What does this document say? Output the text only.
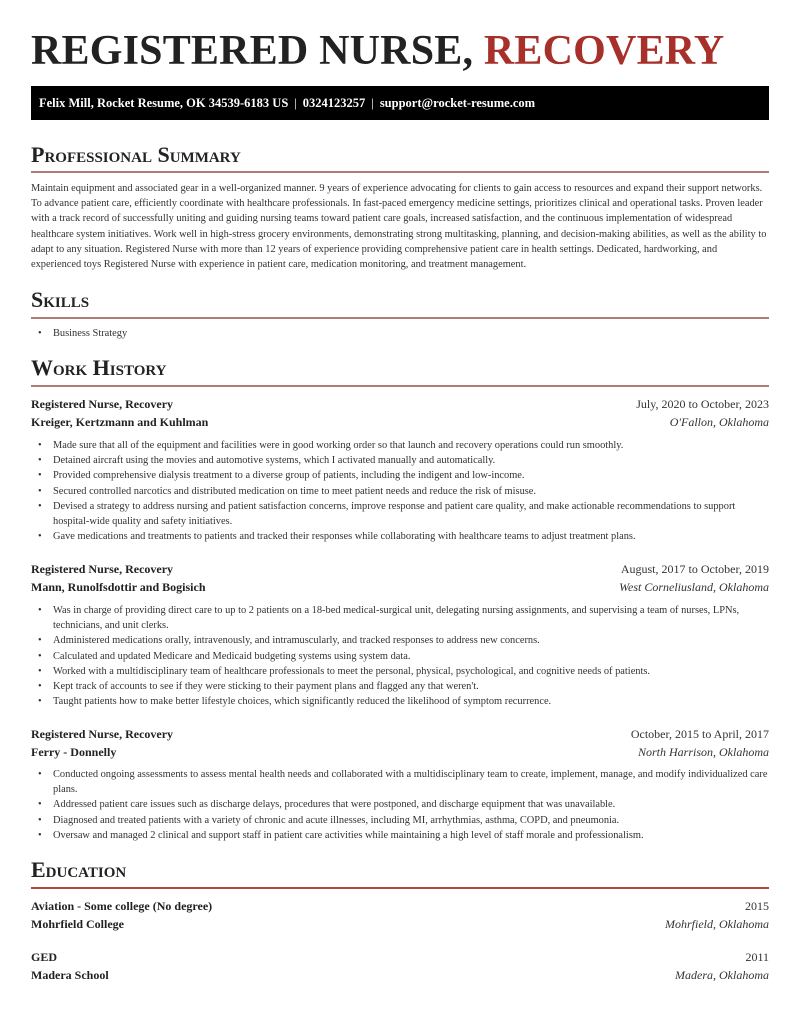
REGISTERED NURSE, RECOVERY
Felix Mill, Rocket Resume, OK 34539-6183 US | 0324123257 | support@rocket-resume.com
Professional Summary

Maintain equipment and associated gear in a well-organized manner. 9 years of experience advocating for clients to gain access to resources and expand their support networks. To advance patient care, efficiently coordinate with healthcare professionals. In fast-paced emergency medicine settings, prioritizes clinical and operational tasks. Proven leader with a track record of successfully uniting and guiding nursing teams toward patient care goals, increased satisfaction, and the continuous implementation of widespread healthcare system initiatives. Work well in high-stress grocery environments, demonstrating strong multitasking, planning, and decision-making abilities, as well as the ability to adapt to any situation. Registered Nurse with more than 12 years of experience providing comprehensive patient care in health settings. Dedicated, hardworking, and experienced toys Registered Nurse with experience in patient care, medication monitoring, and treatment management.

Skills
• Business Strategy
Work History
Registered Nurse, Recovery	July, 2020 to October, 2023
Kreiger, Kertzmann and Kuhlman	O'Fallon, Oklahoma
• Made sure that all of the equipment and facilities were in good working order so that launch and recovery operations could run smoothly.
• Detained aircraft using the movies and automotive systems, which I activated manually and automatically.
• Provided comprehensive dialysis treatment to a diverse group of patients, including the indigent and low-income.
• Secured controlled narcotics and distributed medication on time to meet patient needs and reduce the risk of misuse.
• Devised a strategy to address nursing and patient satisfaction concerns, improve response and patient care quality, and make actionable recommendations to support hospital-wide quality and safety initiatives.
• Gave medications and treatments to patients and tracked their responses while collaborating with healthcare teams to adjust treatment plans.
Registered Nurse, Recovery	August, 2017 to October, 2019
Mann, Runolfsdottir and Bogisich	West Corneliusland, Oklahoma
• Was in charge of providing direct care to up to 2 patients on a 18-bed medical-surgical unit, delegating nursing assignments, and supervising a team of nurses, LPNs, technicians, and unit clerks.
• Administered medications orally, intravenously, and intramuscularly, and tracked responses to address new concerns.
• Calculated and updated Medicare and Medicaid budgeting systems using system data.
• Worked with a multidisciplinary team of healthcare professionals to meet the personal, physical, psychological, and cognitive needs of patients.
• Kept track of accounts to see if they were sticking to their payment plans and flagged any that weren't.
• Taught patients how to make better lifestyle choices, which significantly reduced the likelihood of symptom recurrence.
Registered Nurse, Recovery	October, 2015 to April, 2017
Ferry - Donnelly	North Harrison, Oklahoma
• Conducted ongoing assessments to assess mental health needs and collaborated with a multidisciplinary team to create, implement, manage, and modify individualized care plans.
• Addressed patient care issues such as discharge delays, procedures that were postponed, and discharge equipment that was unavailable.
• Diagnosed and treated patients with a variety of chronic and acute illnesses, including MI, arrhythmias, asthma, COPD, and pneumonia.
• Oversaw and managed 2 clinical and support staff in patient care activities while maintaining a high level of staff morale and professionalism.
Education
Aviation - Some college (No degree)	2015
Mohrfield College	Mohrfield, Oklahoma
GED	2011
Madera School	Madera, Oklahoma
